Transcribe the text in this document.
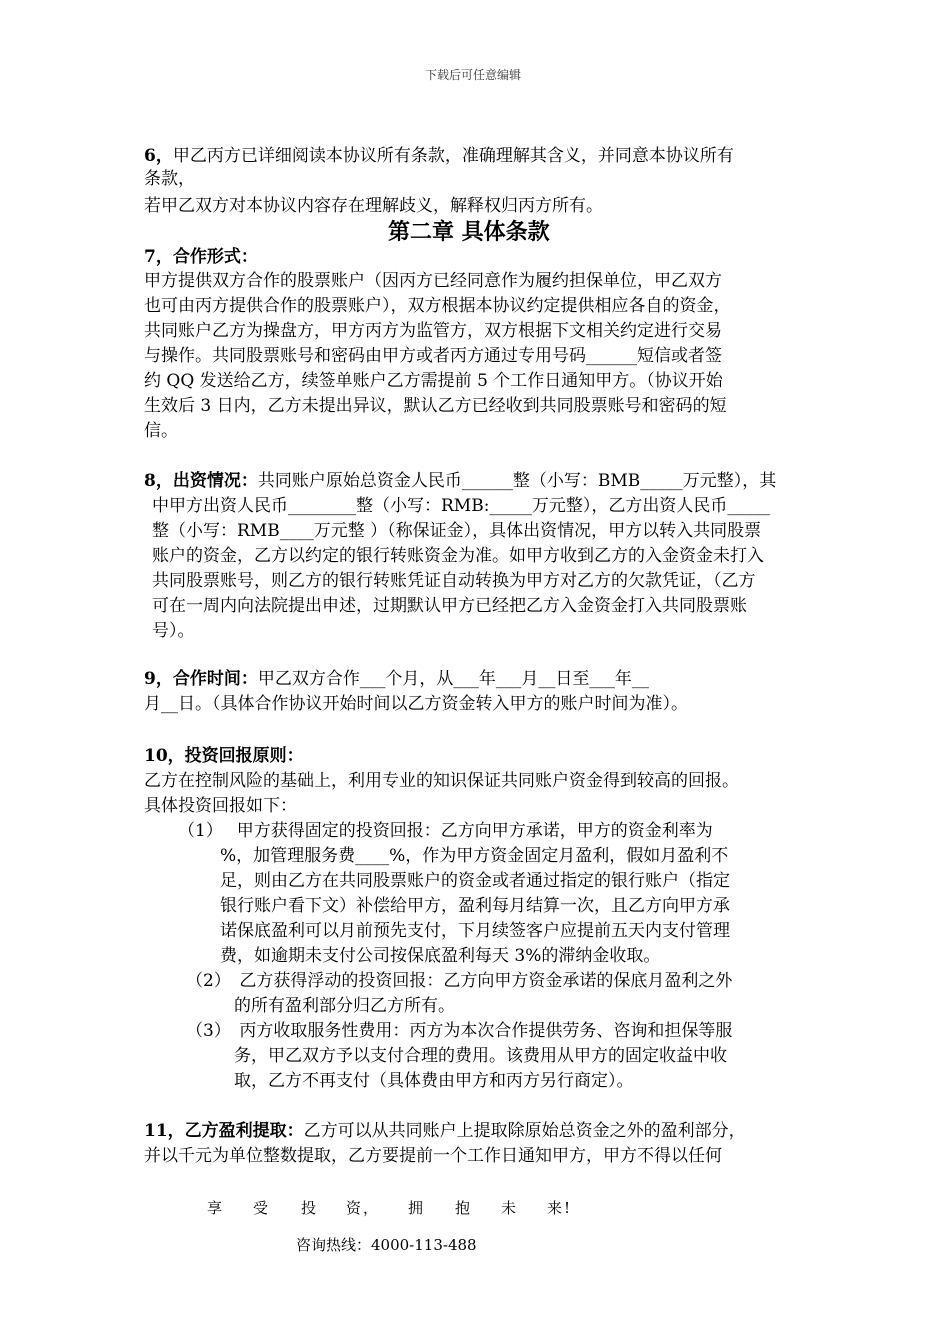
下载后可任意编辑
第二章 具体条款
6，甲乙丙方已详细阅读本协议所有条款，准确理解其含义，并同意本协议所有
条款，
若甲乙双方对本协议内容存在理解歧义，解释权归丙方所有。
7，合作形式：
甲方提供双方合作的股票账户（因丙方已经同意作为履约担保单位，甲乙双方
也可由丙方提供合作的股票账户），双方根据本协议约定提供相应各自的资金，
共同账户乙方为操盘方，甲方丙方为监管方，双方根据下文相关约定进行交易
与操作。共同股票账号和密码由甲方或者丙方通过专用号码______短信或者签
约 QQ 发送给乙方，续签单账户乙方需提前 5 个工作日通知甲方。（协议开始
生效后 3 日内，乙方未提出异议，默认乙方已经收到共同股票账号和密码的短
信。
8，出资情况：共同账户原始总资金人民币______整（小写：BMB_____万元整），其
中甲方出资人民币________整（小写：RMB:_____万元整），乙方出资人民币_____
整（小写：RMB____万元整 ）（称保证金），具体出资情况，甲方以转入共同股票
账户的资金，乙方以约定的银行转账资金为准。如甲方收到乙方的入金资金未打入
共同股票账号，则乙方的银行转账凭证自动转换为甲方对乙方的欠款凭证，（乙方
可在一周内向法院提出申述，过期默认甲方已经把乙方入金资金打入共同股票账
号）。
9，合作时间：甲乙双方合作___个月，从___年___月__日至___年__
月__日。（具体合作协议开始时间以乙方资金转入甲方的账户时间为准）。
10，投资回报原则：
乙方在控制风险的基础上，利用专业的知识保证共同账户资金得到较高的回报。
具体投资回报如下：
（1）　 甲方获得固定的投资回报：乙方向甲方承诺，甲方的资金利率为
%，加管理服务费____%，作为甲方资金固定月盈利，假如月盈利不
足，则由乙方在共同股票账户的资金或者通过指定的银行账户（指定
银行账户看下文）补偿给甲方，盈利每月结算一次，且乙方向甲方承
诺保底盈利可以月前预先支付，下月续签客户应提前五天内支付管理
费，如逾期未支付公司按保底盈利每天 3%的滞纳金收取。
（2）　乙方获得浮动的投资回报：乙方向甲方资金承诺的保底月盈利之外
的所有盈利部分归乙方所有。
（3）　丙方收取服务性费用：丙方为本次合作提供劳务、咨询和担保等服
务，甲乙双方予以支付合理的费用。该费用从甲方的固定收益中收
取，乙方不再支付（具体费由甲方和丙方另行商定）。
11，乙方盈利提取：乙方可以从共同账户上提取除原始总资金之外的盈利部分，
并以千元为单位整数提取，乙方要提前一个工作日通知甲方，甲方不得以任何
享 受 投 资， 拥 抱 未 来!
咨询热线：4000-113-488
